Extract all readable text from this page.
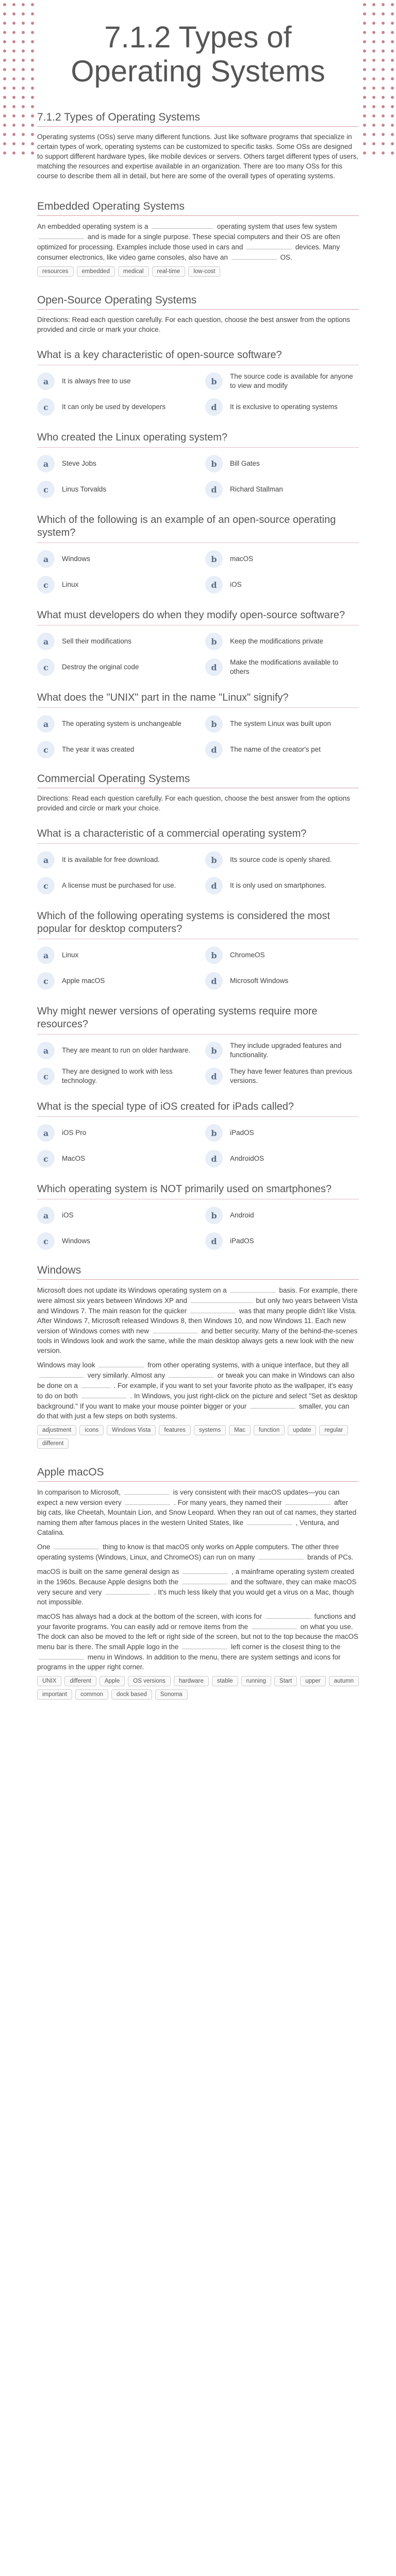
7.1.2 Types of Operating Systems
7.1.2 Types of Operating Systems

Operating systems (OSs) serve many different functions. Just like software programs that specialize in certain types of work, operating systems can be customized to specific tasks. Some OSs are designed to support different hardware types, like mobile devices or servers. Others target different types of users, matching the resources and expertise available in an organization. There are too many OSs for this course to describe them all in detail, but here are some of the overall types of operating systems.

Embedded Operating Systems

An embedded operating system is a	operating system that uses few system  and is made for a single purpose. These special computers and their OS are often optimized for processing. Examples include those used in cars and	devices. Many consumer electronics, like video game consoles, also have an	OS.

resources	embedded	medical	real-time	low-cost
Open-Source Operating Systems

Directions: Read each question carefully. For each question, choose the best answer from the options provided and circle or mark your choice.

What is a key characteristic of open-source software?
a	It is always free to use	b	The source code is available for anyone to view and modify
c	It can only be used by developers	d	It is exclusive to operating systems
Who created the Linux operating system?
a	Steve Jobs	b	Bill Gates
c	Linus Torvalds	d	Richard Stallman
Which of the following is an example of an open-source operating system?
a	Windows	b	macOS
c	Linux	d	iOS
What must developers do when they modify open-source software?
a	Sell their modifications	b	Keep the modifications private
c	Destroy the original code	d	Make the modifications available to others
What does the "UNIX" part in the name "Linux" signify?
a	The operating system is unchangeable	b	The system Linux was built upon
c	The year it was created	d	The name of the creator's pet
Commercial Operating Systems

Directions: Read each question carefully. For each question, choose the best answer from the options provided and circle or mark your choice.

What is a characteristic of a commercial operating system?
a	It is available for free download.	b	Its source code is openly shared.
c	A license must be purchased for use.	d	It is only used on smartphones.
Which of the following operating systems is considered the most popular for desktop computers?
a	Linux	b	ChromeOS
c	Apple macOS	d	Microsoft Windows
Why might newer versions of operating systems require more resources?
a	They are meant to run on older hardware.	b	They include upgraded features and functionality.
c	They are designed to work with less technology.	d	They have fewer features than previous versions.
What is the special type of iOS created for iPads called?
a	iOS Pro	b	iPadOS
c	MacOS	d	AndroidOS
Which operating system is NOT primarily used on smartphones?
a	iOS	b	Android
c	Windows	d	iPadOS
Windows

Microsoft does not update its Windows operating system on a	basis. For example, there were almost six years between Windows XP and	but only two years between Vista and Windows 7. The main reason for the quicker	was that many people didn't like Vista. After Windows 7, Microsoft released Windows 8, then Windows 10, and now Windows 11. Each new version of Windows comes with new	and better security. Many of the behind-the-scenes tools in Windows look and work the same, while the main desktop always gets a new look with the new version.

Windows may look	from other operating systems, with a unique interface, but they all  very similarly. Almost any	or tweak you can make in Windows can also be done on a	. For example, if you want to set your favorite photo as the wallpaper, it's easy to do on both	. In Windows, you just right-click on the picture and select "Set as desktop background." If you want to make your mouse pointer bigger or your	smaller, you can do that with just a few steps on both systems.

adjustment	icons	Windows Vista	features	systems	Mac	function	update	regular
different
Apple macOS

In comparison to Microsoft,	is very consistent with their macOS updates—you can expect a new version every	. For many years, they named their	after big cats, like Cheetah, Mountain Lion, and Snow Leopard. When they ran out of cat names, they started naming them after famous places in the western United States, like	, Ventura, and Catalina.

One	thing to know is that macOS only works on Apple computers. The other three operating systems (Windows, Linux, and ChromeOS) can run on many	brands of PCs.

macOS is built on the same general design as	, a mainframe operating system created in the 1960s. Because Apple designs both the	and the software, they can make macOS very secure and very	. It's much less likely that you would get a virus on a Mac, though not impossible.

macOS has always had a dock at the bottom of the screen, with icons for	functions and your favorite programs. You can easily add or remove items from the	on what you use. The dock can also be moved to the left or right side of the screen, but not to the top because the macOS menu bar is there. The small Apple logo in the	left corner is the closest thing to the  menu in Windows. In addition to the menu, there are system settings and icons for programs in the upper right corner.

UNIX	different	Apple	OS versions	hardware	stable	running	Start	upper	autumn
important	common	dock based	Sonoma
